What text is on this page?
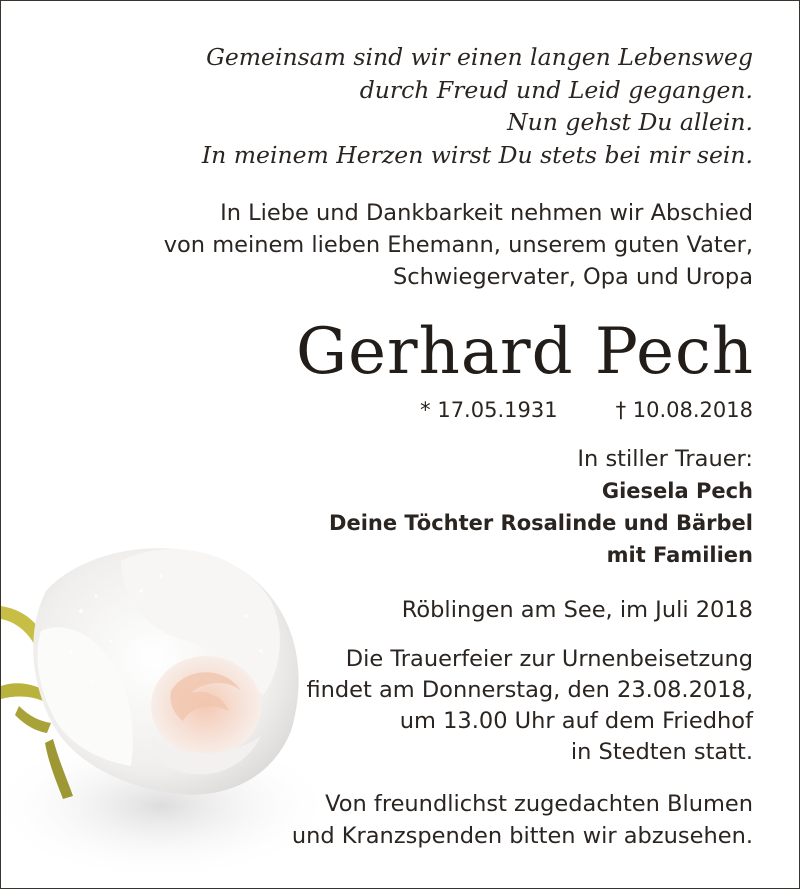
Gemeinsam sind wir einen langen Lebensweg
durch Freud und Leid gegangen.
Nun gehst Du allein.
In meinem Herzen wirst Du stets bei mir sein.
In Liebe und Dankbarkeit nehmen wir Abschied
von meinem lieben Ehemann, unserem guten Vater,
Schwiegervater, Opa und Uropa
Gerhard Pech
* 17.05.1931	† 10.08.2018
In stiller Trauer:
Giesela Pech
Deine Töchter Rosalinde und Bärbel
mit Familien
Röblingen am See, im Juli 2018
Die Trauerfeier zur Urnenbeisetzung
findet am Donnerstag, den 23.08.2018,
um 13.00 Uhr auf dem Friedhof
in Stedten statt.
Von freundlichst zugedachten Blumen
und Kranzspenden bitten wir abzusehen.
